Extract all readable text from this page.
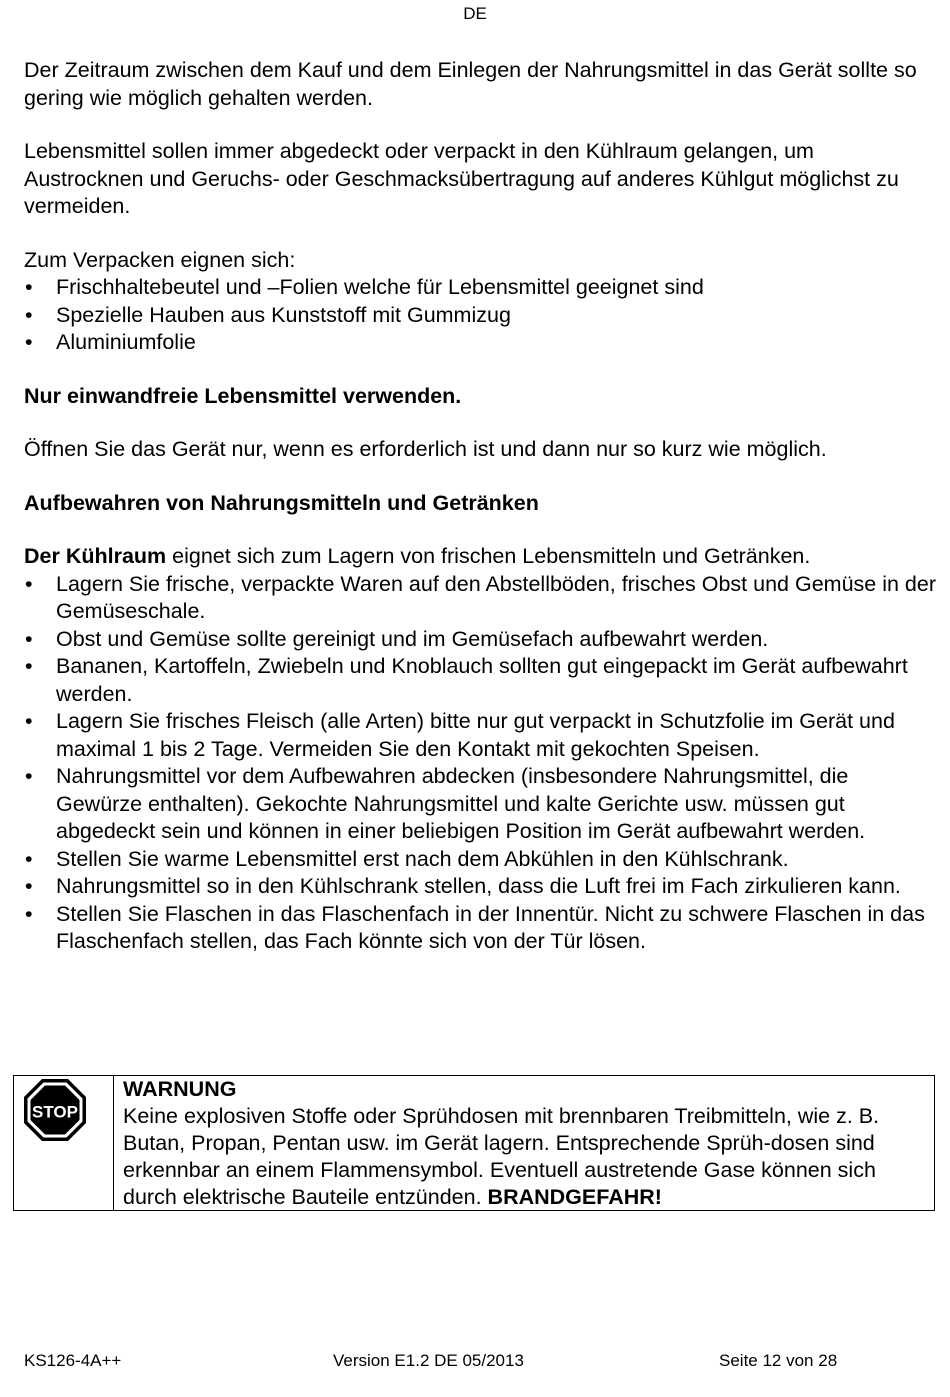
DE

Der Zeitraum zwischen dem Kauf und dem Einlegen der Nahrungsmittel in das Gerät sollte so gering wie möglich gehalten werden.

Lebensmittel sollen immer abgedeckt oder verpackt in den Kühlraum gelangen, um Austrocknen und Geruchs- oder Geschmacksübertragung auf anderes Kühlgut möglichst zu vermeiden.

Zum Verpacken eignen sich:

• Frischhaltebeutel und –Folien welche für Lebensmittel geeignet sind
• Spezielle Hauben aus Kunststoff mit Gummizug
• Aluminiumfolie

Nur einwandfreie Lebensmittel verwenden.

Öffnen Sie das Gerät nur, wenn es erforderlich ist und dann nur so kurz wie möglich.

Aufbewahren von Nahrungsmitteln und Getränken

Der Kühlraum eignet sich zum Lagern von frischen Lebensmitteln und Getränken.

• Lagern Sie frische, verpackte Waren auf den Abstellböden, frisches Obst und Gemüse in der Gemüseschale.
• Obst und Gemüse sollte gereinigt und im Gemüsefach aufbewahrt werden.
• Bananen, Kartoffeln, Zwiebeln und Knoblauch sollten gut eingepackt im Gerät aufbewahrt werden.
• Lagern Sie frisches Fleisch (alle Arten) bitte nur gut verpackt in Schutzfolie im Gerät und maximal 1 bis 2 Tage. Vermeiden Sie den Kontakt mit gekochten Speisen.
• Nahrungsmittel vor dem Aufbewahren abdecken (insbesondere Nahrungsmittel, die Gewürze enthalten). Gekochte Nahrungsmittel und kalte Gerichte usw. müssen gut abgedeckt sein und können in einer beliebigen Position im Gerät aufbewahrt werden.
• Stellen Sie warme Lebensmittel erst nach dem Abkühlen in den Kühlschrank.
• Nahrungsmittel so in den Kühlschrank stellen, dass die Luft frei im Fach zirkulieren kann.
• Stellen Sie Flaschen in das Flaschenfach in der Innentür. Nicht zu schwere Flaschen in das Flaschenfach stellen, das Fach könnte sich von der Tür lösen.
STOP
WARNUNG
Keine explosiven Stoffe oder Sprühdosen mit brennbaren Treibmitteln, wie z. B. Butan, Propan, Pentan usw. im Gerät lagern. Entsprechende Sprüh-dosen sind erkennbar an einem Flammensymbol. Eventuell austretende Gase können sich durch elektrische Bauteile entzünden. BRANDGEFAHR!
KS126-4A++	Version E1.2 DE 05/2013	Seite 12 von 28
